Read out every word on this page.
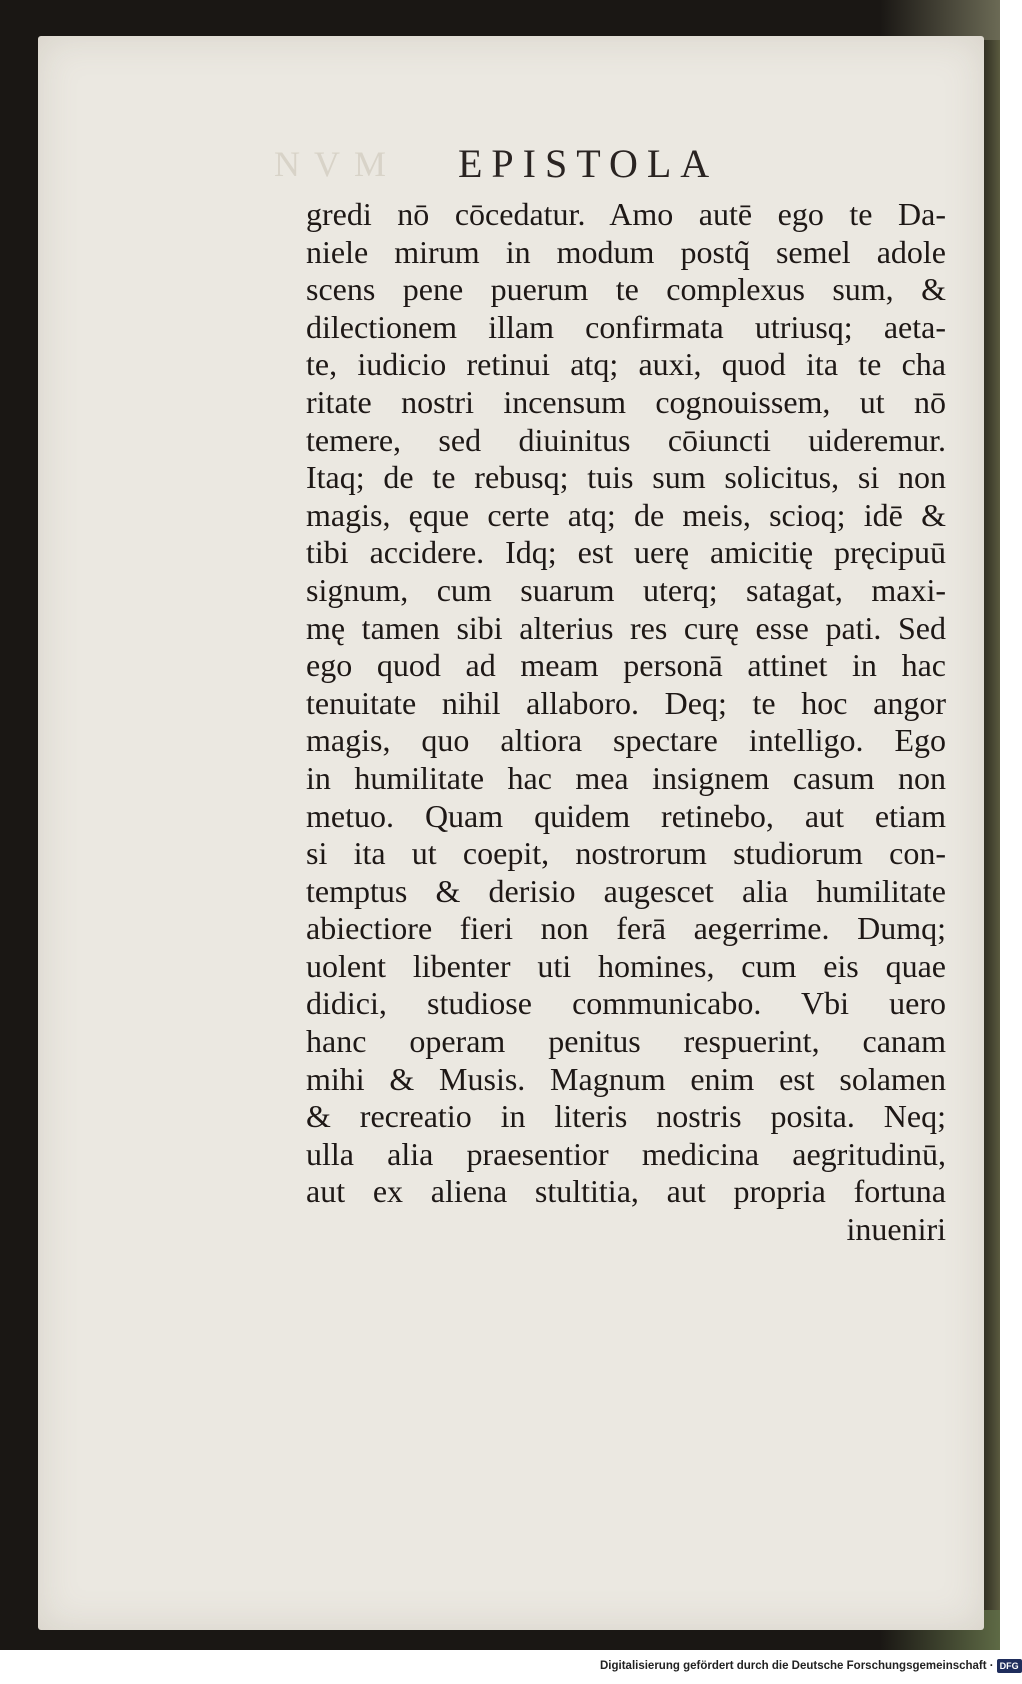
NVM	EPISTOLA
gredi nō cōcedatur. Amo autē ego te Da-
niele mirum in modum postq̃ semel adole
scens pene puerum te complexus sum, &
dilectionem illam confirmata utriusq; aeta-
te, iudicio retinui atq; auxi, quod ita te cha
ritate nostri incensum cognouissem, ut nō
temere, sed diuinitus cōiuncti uideremur.
Itaq; de te rebusq; tuis sum solicitus, si non
magis, ęque certe atq; de meis, scioq; idē &
tibi accidere. Idq; est uerę amicitię pręcipuū
signum, cum suarum uterq; satagat, maxi-
mę tamen sibi alterius res curę esse pati. Sed
ego quod ad meam personā attinet in hac
tenuitate nihil allaboro. Deq; te hoc angor
magis, quo altiora spectare intelligo. Ego
in humilitate hac mea insignem casum non
metuo. Quam quidem retinebo, aut etiam
si ita ut coepit, nostrorum studiorum con-
temptus & derisio augescet alia humilitate
abiectiore fieri non ferā aegerrime. Dumq;
uolent libenter uti homines, cum eis quae
didici, studiose communicabo. Vbi uero
hanc operam penitus respuerint, canam
mihi & Musis. Magnum enim est solamen
& recreatio in literis nostris posita. Neq;
ulla alia praesentior medicina aegritudinū,
aut ex aliena stultitia, aut propria fortuna
inueniri

Digitalisierung gefördert durch die Deutsche Forschungsgemeinschaft · DFG
